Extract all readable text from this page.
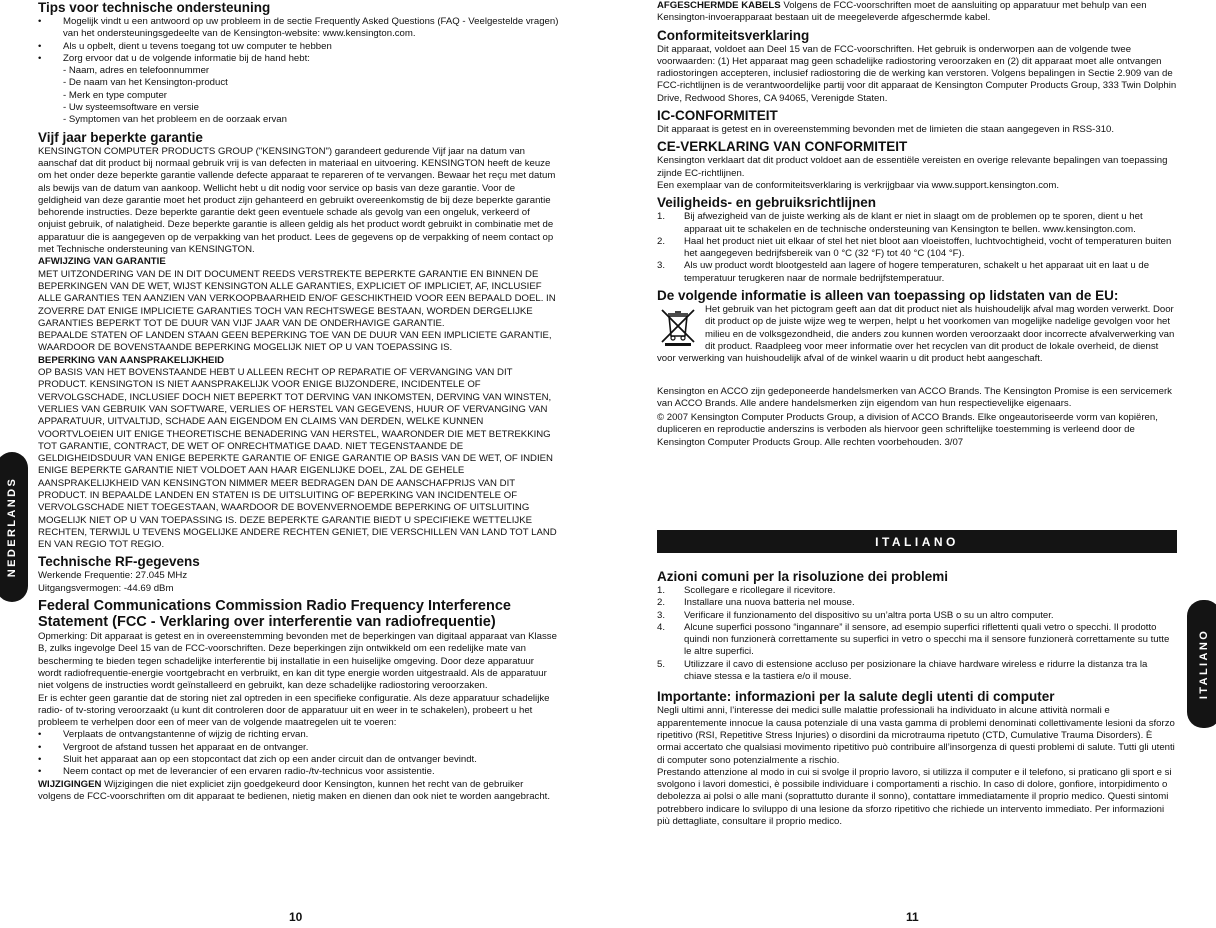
NEDERLANDS
ITALIANO
Tips voor technische ondersteuning
•	Mogelijk vindt u een antwoord op uw probleem in de sectie Frequently Asked Questions (FAQ - Veelgestelde vragen) van het ondersteuningsgedeelte van de Kensington-website: www.kensington.com.
•	Als u opbelt, dient u tevens toegang tot uw computer te hebben
•	Zorg ervoor dat u de volgende informatie bij de hand hebt:
- Naam, adres en telefoonnummer
- De naam van het Kensington-product
- Merk en type computer
- Uw systeemsoftware en versie
- Symptomen van het probleem en de oorzaak ervan
Vijf jaar beperkte garantie

KENSINGTON COMPUTER PRODUCTS GROUP ("KENSINGTON") garandeert gedurende Vijf jaar na datum van aanschaf dat dit product bij normaal gebruik vrij is van defecten in materiaal en uitvoering. KENSINGTON heeft de keuze om het onder deze beperkte garantie vallende defecte apparaat te repareren of te vervangen. Bewaar het reçu met datum als bewijs van de datum van aankoop. Wellicht hebt u dit nodig voor service op basis van deze garantie. Voor de geldigheid van deze garantie moet het product zijn gehanteerd en gebruikt overeenkomstig de bij deze beperkte garantie behorende instructies. Deze beperkte garantie dekt geen eventuele schade als gevolg van een ongeluk, verkeerd of onjuist gebruik, of nalatigheid. Deze beperkte garantie is alleen geldig als het product wordt gebruikt in combinatie met de apparatuur die is aangegeven op de verpakking van het product. Lees de gegevens op de verpakking of neem contact op met Technische ondersteuning van KENSINGTON.

AFWIJZING VAN GARANTIE

MET UITZONDERING VAN DE IN DIT DOCUMENT REEDS VERSTREKTE BEPERKTE GARANTIE EN BINNEN DE BEPERKINGEN VAN DE WET, WIJST KENSINGTON ALLE GARANTIES, EXPLICIET OF IMPLICIET, AF, INCLUSIEF ALLE GARANTIES TEN AANZIEN VAN VERKOOPBAARHEID EN/OF GESCHIKTHEID VOOR EEN BEPAALD DOEL. IN ZOVERRE DAT ENIGE IMPLICIETE GARANTIES TOCH VAN RECHTSWEGE BESTAAN, WORDEN DERGELIJKE GARANTIES BEPERKT TOT DE DUUR VAN VIJF JAAR VAN DE ONDERHAVIGE GARANTIE.

BEPAALDE STATEN OF LANDEN STAAN GEEN BEPERKING TOE VAN DE DUUR VAN EEN IMPLICIETE GARANTIE, WAARDOOR DE BOVENSTAANDE BEPERKING MOGELIJK NIET OP U VAN TOEPASSING IS.

BEPERKING VAN AANSPRAKELIJKHEID

OP BASIS VAN HET BOVENSTAANDE HEBT U ALLEEN RECHT OP REPARATIE OF VERVANGING VAN DIT PRODUCT. KENSINGTON IS NIET AANSPRAKELIJK VOOR ENIGE BIJZONDERE, INCIDENTELE OF VERVOLGSCHADE, INCLUSIEF DOCH NIET BEPERKT TOT DERVING VAN INKOMSTEN, DERVING VAN WINSTEN, VERLIES VAN GEBRUIK VAN SOFTWARE, VERLIES OF HERSTEL VAN GEGEVENS, HUUR OF VERVANGING VAN APPARATUUR, UITVALTIJD, SCHADE AAN EIGENDOM EN CLAIMS VAN DERDEN, WELKE KUNNEN VOORTVLOEIEN UIT ENIGE THEORETISCHE BENADERING VAN HERSTEL, WAARONDER DIE MET BETREKKING TOT GARANTIE, CONTRACT, DE WET OF ONRECHTMATIGE DAAD. NIET TEGENSTAANDE DE GELDIGHEIDSDUUR VAN ENIGE BEPERKTE GARANTIE OF ENIGE GARANTIE OP BASIS VAN DE WET, OF INDIEN ENIGE BEPERKTE GARANTIE NIET VOLDOET AAN HAAR EIGENLIJKE DOEL, ZAL DE GEHELE AANSPRAKELIJKHEID VAN KENSINGTON NIMMER MEER BEDRAGEN DAN DE AANSCHAFPRIJS VAN DIT PRODUCT. IN BEPAALDE LANDEN EN STATEN IS DE UITSLUITING OF BEPERKING VAN INCIDENTELE OF VERVOLGSCHADE NIET TOEGESTAAN, WAARDOOR DE BOVENVERNOEMDE BEPERKING OF UITSLUITING MOGELIJK NIET OP U VAN TOEPASSING IS. DEZE BEPERKTE GARANTIE BIEDT U SPECIFIEKE WETTELIJKE RECHTEN, TERWIJL U TEVENS MOGELIJKE ANDERE RECHTEN GENIET, DIE VERSCHILLEN VAN LAND TOT LAND EN VAN REGIO TOT REGIO.

Technische RF-gegevens

Werkende Frequentie: 27.045 MHz

Uitgangsvermogen: -44.69 dBm

Federal Communications Commission Radio Frequency Interference Statement (FCC - Verklaring over interferentie van radiofrequentie)

Opmerking: Dit apparaat is getest en in overeenstemming bevonden met de beperkingen van digitaal apparaat van Klasse B, zulks ingevolge Deel 15 van de FCC-voorschriften. Deze beperkingen zijn ontwikkeld om een redelijke mate van bescherming te bieden tegen schadelijke interferentie bij installatie in een huiselijke omgeving. Door deze apparatuur wordt radiofrequentie-energie voortgebracht en verbruikt, en kan dit type energie worden uitgestraald. Als de apparatuur niet volgens de instructies wordt geïnstalleerd en gebruikt, kan deze schadelijke radiostoring veroorzaken.

Er is echter geen garantie dat de storing niet zal optreden in een specifieke configuratie. Als deze apparatuur schadelijke radio- of tv-storing veroorzaakt (u kunt dit controleren door de apparatuur uit en weer in te schakelen), probeert u het probleem te verhelpen door een of meer van de volgende maatregelen uit te voeren:

•	Verplaats de ontvangstantenne of wijzig de richting ervan.
•	Vergroot de afstand tussen het apparaat en de ontvanger.
•	Sluit het apparaat aan op een stopcontact dat zich op een ander circuit dan de ontvanger bevindt.
•	Neem contact op met de leverancier of een ervaren radio-/tv-technicus voor assistentie.

WIJZIGINGEN Wijzigingen die niet expliciet zijn goedgekeurd door Kensington, kunnen het recht van de gebruiker volgens de FCC-voorschriften om dit apparaat te bedienen, nietig maken en dienen dan ook niet te worden aangebracht.

AFGESCHERMDE KABELS Volgens de FCC-voorschriften moet de aansluiting op apparatuur met behulp van een Kensington-invoerapparaat bestaan uit de meegeleverde afgeschermde kabel.

Conformiteitsverklaring

Dit apparaat, voldoet aan Deel 15 van de FCC-voorschriften. Het gebruik is onderworpen aan de volgende twee voorwaarden: (1) Het apparaat mag geen schadelijke radiostoring veroorzaken en (2) dit apparaat moet alle ontvangen radiostoringen accepteren, inclusief radiostoring die de werking kan verstoren. Volgens bepalingen in Sectie 2.909 van de FCC-richtlijnen is de verantwoordelijke partij voor dit apparaat de Kensington Computer Products Group, 333 Twin Dolphin Drive, Redwood Shores, CA 94065, Verenigde Staten.

IC-CONFORMITEIT

Dit apparaat is getest en in overeenstemming bevonden met de limieten die staan aangegeven in RSS-310.

CE-VERKLARING VAN CONFORMITEIT

Kensington verklaart dat dit product voldoet aan de essentiële vereisten en overige relevante bepalingen van toepassing zijnde EC-richtlijnen.

Een exemplaar van de conformiteitsverklaring is verkrijgbaar via www.support.kensington.com.

Veiligheids- en gebruiksrichtlijnen
1.	Bij afwezigheid van de juiste werking als de klant er niet in slaagt om de problemen op te sporen, dient u het apparaat uit te schakelen en de technische ondersteuning van Kensington te bellen. www.kensington.com.
2.	Haal het product niet uit elkaar of stel het niet bloot aan vloeistoffen, luchtvochtigheid, vocht of temperaturen buiten het aangegeven bedrijfsbereik van 0 °C (32 °F) tot 40 °C (104 °F).
3.	Als uw product wordt blootgesteld aan lagere of hogere temperaturen, schakelt u het apparaat uit en laat u de temperatuur terugkeren naar de normale bedrijfstemperatuur.
De volgende informatie is alleen van toepassing op lidstaten van de EU:

Het gebruik van het pictogram geeft aan dat dit product niet als huishoudelijk afval mag worden verwerkt. Door dit product op de juiste wijze weg te werpen, helpt u het voorkomen van mogelijke nadelige gevolgen voor het milieu en de volksgezondheid, die anders zou kunnen worden veroorzaakt door incorrecte afvalverwerking van dit product. Raadpleeg voor meer informatie over het recyclen van dit product de lokale overheid, de dienst voor verwerking van huishoudelijk afval of de winkel waarin u dit product hebt aangeschaft.

Kensington en ACCO zijn gedeponeerde handelsmerken van ACCO Brands. The Kensington Promise is een servicemerk van ACCO Brands. Alle andere handelsmerken zijn eigendom van hun respectievelijke eigenaars.

© 2007 Kensington Computer Products Group, a division of ACCO Brands. Elke ongeautoriseerde vorm van kopiëren, dupliceren en reproductie anderszins is verboden als hiervoor geen schriftelijke toestemming is verleend door de Kensington Computer Products Group. Alle rechten voorbehouden. 3/07

ITALIANO
Azioni comuni per la risoluzione dei problemi
1.	Scollegare e ricollegare il ricevitore.
2.	Installare una nuova batteria nel mouse.
3.	Verificare il funzionamento del dispositivo su un’altra porta USB o su un altro computer.
4.	Alcune superfici possono “ingannare” il sensore, ad esempio superfici riflettenti quali vetro o specchi. Il prodotto quindi non funzionerà correttamente su superfici in vetro o specchi ma il sensore funzionerà correttamente su tutte le altre superfici.
5.	Utilizzare il cavo di estensione accluso per posizionare la chiave hardware wireless e ridurre la distanza tra la chiave stessa e la tastiera e/o il mouse.
Importante: informazioni per la salute degli utenti di computer

Negli ultimi anni, l’interesse dei medici sulle malattie professionali ha individuato in alcune attività normali e apparentemente innocue la causa potenziale di una vasta gamma di problemi denominati collettivamente lesioni da sforzo ripetitivo (RSI, Repetitive Stress Injuries) o disordini da microtrauma ripetuto (CTD, Cumulative Trauma Disorders). È ormai accertato che qualsiasi movimento ripetitivo può contribuire all’insorgenza di questi problemi di salute. Tutti gli utenti di computer sono potenzialmente a rischio.

Prestando attenzione al modo in cui si svolge il proprio lavoro, si utilizza il computer e il telefono, si praticano gli sport e si svolgono i lavori domestici, è possibile individuare i comportamenti a rischio. In caso di dolore, gonfiore, intorpidimento o debolezza ai polsi o alle mani (soprattutto durante il sonno), contattare immediatamente il proprio medico. Questi sintomi potrebbero indicare lo sviluppo di una lesione da sforzo ripetitivo che richiede un intervento immediato. Per informazioni più dettagliate, consultare il proprio medico.

10	11
